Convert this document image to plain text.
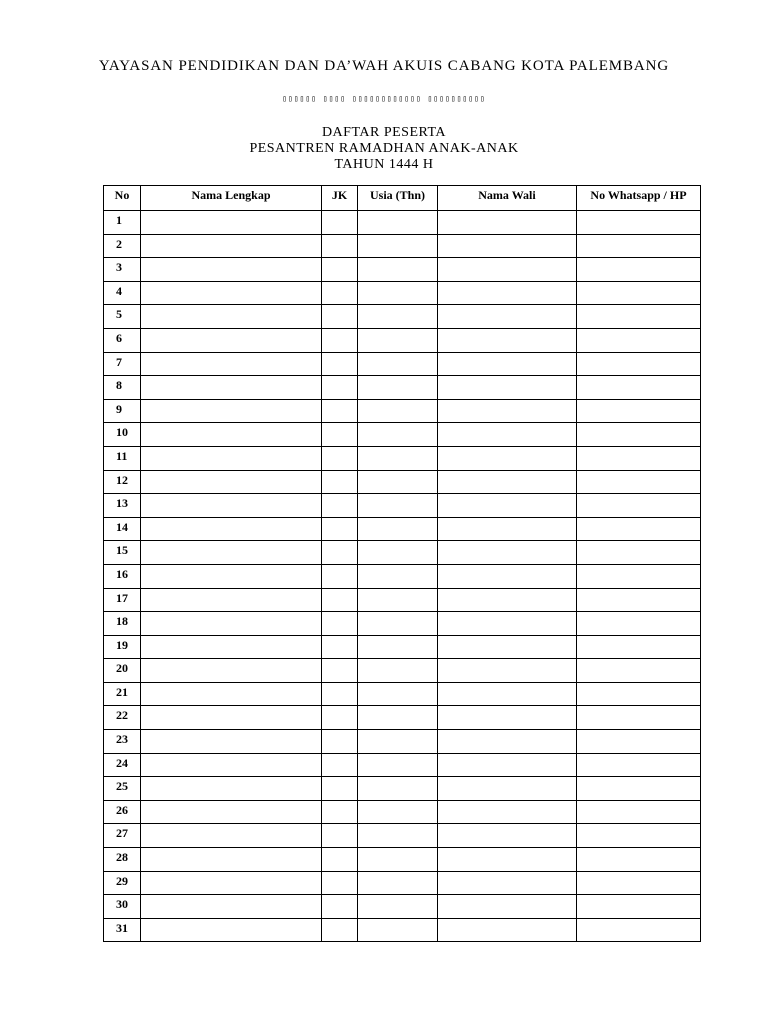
YAYASAN PENDIDIKAN DAN DA’WAH AKUIS CABANG KOTA PALEMBANG
▯▯▯▯▯▯ ▯▯▯▯ ▯▯▯▯▯▯▯▯▯▯▯▯ ▯▯▯▯▯▯▯▯▯▯
DAFTAR PESERTA
PESANTREN RAMADHAN ANAK-ANAK
TAHUN 1444 H
No	Nama Lengkap	JK	Usia (Thn)	Nama Wali	No Whatsapp / HP
1					
2					
3					
4					
5					
6					
7					
8					
9					
10					
11					
12					
13					
14					
15					
16					
17					
18					
19					
20					
21					
22					
23					
24					
25					
26					
27					
28					
29					
30					
31					
